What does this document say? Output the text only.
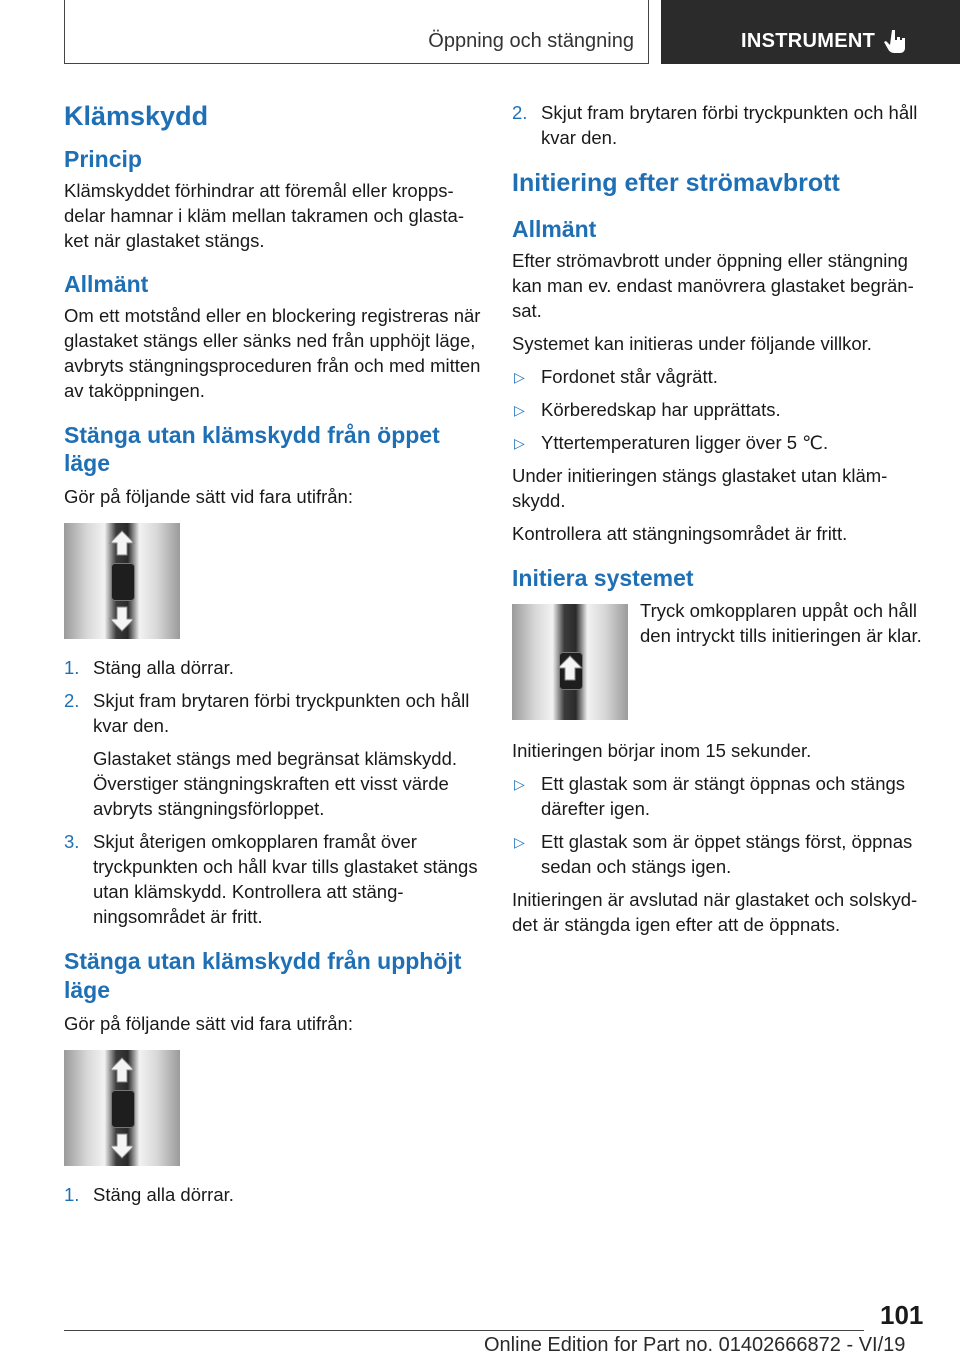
Öppning och stängning	INSTRUMENT
Klämskydd
Princip

Klämskyddet förhindrar att föremål eller kropps-delar hamnar i kläm mellan takramen och glasta-ket när glastaket stängs.

Allmänt

Om ett motstånd eller en blockering registreras när glastaket stängs eller sänks ned från upphöjt läge, avbryts stängningsproceduren från och med mitten av taköppningen.

Stänga utan klämskydd från öppet läge

Gör på följande sätt vid fara utifrån:

1. Stäng alla dörrar.
2. Skjut fram brytaren förbi tryckpunkten och håll kvar den.
Glastaket stängs med begränsat klämskydd. Överstiger stängningskraften ett visst värde avbryts stängningsförloppet.
3. Skjut återigen omkopplaren framåt över tryckpunkten och håll kvar tills glastaket stängs utan klämskydd. Kontrollera att stäng-ningsområdet är fritt.
Stänga utan klämskydd från upphöjt läge

Gör på följande sätt vid fara utifrån:

1. Stäng alla dörrar.
2. Skjut fram brytaren förbi tryckpunkten och håll kvar den.
Initiering efter strömavbrott
Allmänt

Efter strömavbrott under öppning eller stängning kan man ev. endast manövrera glastaket begrän-sat.

Systemet kan initieras under följande villkor.

▷ Fordonet står vågrätt.
▷ Körberedskap har upprättats.
▷ Yttertemperaturen ligger över 5 ℃.

Under initieringen stängs glastaket utan kläm-skydd.

Kontrollera att stängningsområdet är fritt.

Initiera systemet

Tryck omkopplaren uppåt och håll den intryckt tills initieringen är klar.

Initieringen börjar inom 15 sekunder.

▷ Ett glastak som är stängt öppnas och stängs därefter igen.
▷ Ett glastak som är öppet stängs först, öppnas sedan och stängs igen.

Initieringen är avslutad när glastaket och solskyd-det är stängda igen efter att de öppnats.

101
Online Edition for Part no. 01402666872 - VI/19
